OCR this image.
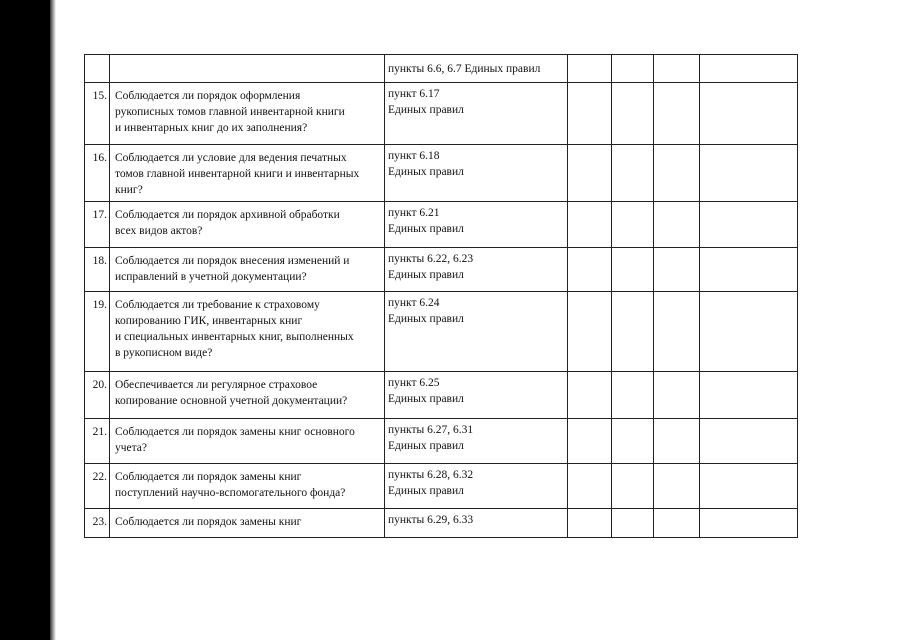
		пункты 6.6, 6.7 Единых правил				

15.	Соблюдается ли порядок оформления
рукописных томов главной инвентарной книги
и инвентарных книг до их заполнения?	пункт 6.17
Единых правил				

16.	Соблюдается ли условие для ведения печатных
томов главной инвентарной книги и инвентарных
книг?	пункт 6.18
Единых правил				

17.	Соблюдается ли порядок архивной обработки
всех видов актов?	пункт 6.21
Единых правил				

18.	Соблюдается ли порядок внесения изменений и
исправлений в учетной документации?	пункты 6.22, 6.23
Единых правил				

19.	Соблюдается ли требование к страховому
копированию ГИК, инвентарных книг
и специальных инвентарных книг, выполненных
в рукописном виде?	пункт 6.24
Единых правил				

20.	Обеспечивается ли регулярное страховое
копирование основной учетной документации?	пункт 6.25
Единых правил				

21.	Соблюдается ли порядок замены книг основного
учета?	пункты 6.27, 6.31
Единых правил				

22.	Соблюдается ли порядок замены книг
поступлений научно-вспомогательного фонда?	пункты 6.28, 6.32
Единых правил				

23.	Соблюдается ли порядок замены книг	пункты 6.29, 6.33				
